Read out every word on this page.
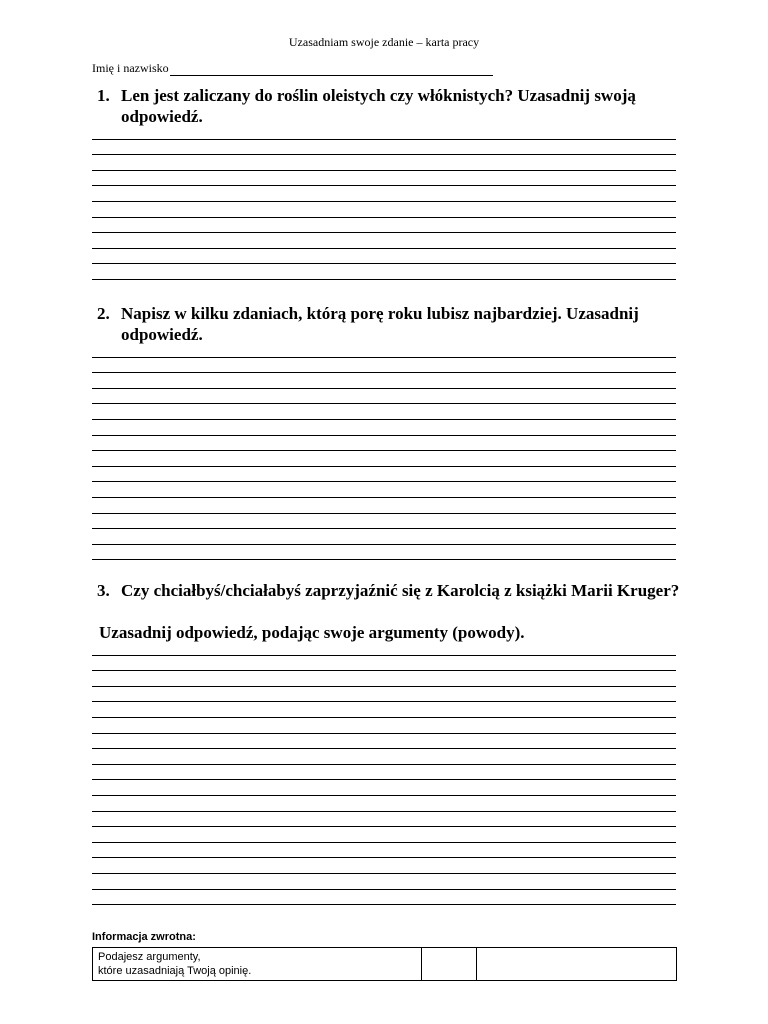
Uzasadniam swoje zdanie – karta pracy
Imię i nazwisko
1. Len jest zaliczany do roślin oleistych czy włóknistych? Uzasadnij swoją odpowiedź.
2. Napisz w kilku zdaniach, którą porę roku lubisz najbardziej. Uzasadnij odpowiedź.
3. Czy chciałbyś/chciałabyś zaprzyjaźnić się z Karolcią z książki Marii Kruger?
Uzasadnij odpowiedź, podając swoje argumenty (powody).
Informacja zwrotna:
Podajesz argumenty,
które uzasadniają Twoją opinię.
